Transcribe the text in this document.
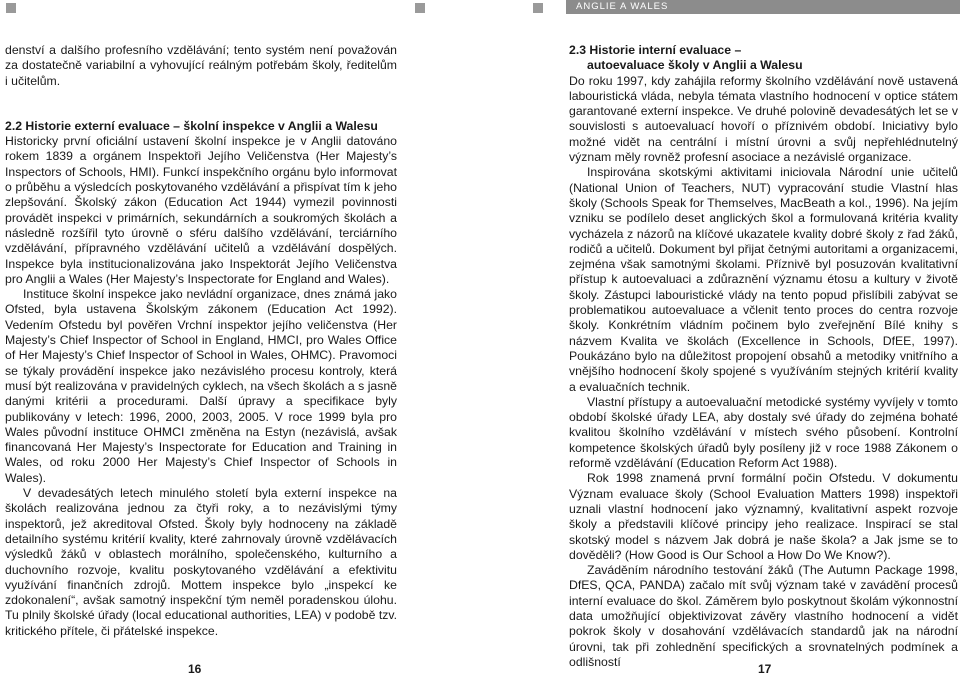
ANGLIE A WALES

denství a dalšího profesního vzdělávání; tento systém není považován za dostatečně variabilní a vyhovující reálným potřebám školy, ředitelům i učitelům.

2.2 Historie externí evaluace – školní inspekce v Anglii a Walesu

Historicky první oficiální ustavení školní inspekce je v Anglii datováno rokem 1839 a orgánem Inspektoři Jejího Veličenstva (Her Majesty’s Inspectors of Schools, HMI). Funkcí inspekčního orgánu bylo informovat o průběhu a výsledcích poskytovaného vzdělávání a přispívat tím k jeho zlepšování. Školský zákon (Education Act 1944) vymezil povinnosti provádět inspekci v primárních, sekundárních a soukromých školách a následně rozšířil tyto úrovně o sféru dalšího vzdělávání, terciárního vzdělávání, přípravného vzdělávání učitelů a vzdělávání dospělých. Inspekce byla institucionalizována jako Inspektorát Jejího Veličenstva pro Anglii a Wales (Her Majesty’s Inspectorate for England and Wales).

Instituce školní inspekce jako nevládní organizace, dnes známá jako Ofsted, byla ustavena Školským zákonem (Education Act 1992). Vedením Ofstedu byl pověřen Vrchní inspektor jejího veličenstva (Her Majesty’s Chief Inspector of School in England, HMCI, pro Wales Office of Her Majesty’s Chief Inspector of School in Wales, OHMC). Pravomoci se týkaly provádění inspekce jako nezávislého procesu kontroly, která musí být realizována v pravidelných cyklech, na všech školách a s jasně danými kritérii a procedurami. Další úpravy a specifikace byly publikovány v letech: 1996, 2000, 2003, 2005. V roce 1999 byla pro Wales původní instituce OHMCI změněna na Estyn (nezávislá, avšak financovaná Her Majesty’s Inspectorate for Education and Training in Wales, od roku 2000 Her Majesty’s Chief Inspector of Schools in Wales).

V devadesátých letech minulého století byla externí inspekce na školách realizována jednou za čtyři roky, a to nezávislými týmy inspektorů, jež akreditoval Ofsted. Školy byly hodnoceny na základě detailního systému kritérií kvality, které zahrnovaly úrovně vzdělávacích výsledků žáků v oblastech morálního, společenského, kulturního a duchovního rozvoje, kvalitu poskytovaného vzdělávání a efektivitu využívání finančních zdrojů. Mottem inspekce bylo „inspekcí ke zdokonalení“, avšak samotný inspekční tým neměl poradenskou úlohu. Tu plnily školské úřady (local educational authorities, LEA) v podobě tzv. kritického přítele, či přátelské inspekce.

2.3 Historie interní evaluace –
autoevaluace školy v Anglii a Walesu

Do roku 1997, kdy zahájila reformy školního vzdělávání nově ustavená labouristická vláda, nebyla témata vlastního hodnocení v optice státem garantované externí inspekce. Ve druhé polovině devadesátých let se v souvislosti s autoevaluací hovoří o příznivém období. Iniciativy bylo možné vidět na centrální i místní úrovni a svůj nepřehlédnutelný význam měly rovněž profesní asociace a nezávislé organizace.

Inspirována skotskými aktivitami iniciovala Národní unie učitelů (National Union of Teachers, NUT) vypracování studie Vlastní hlas školy (Schools Speak for Themselves, MacBeath a kol., 1996). Na jejím vzniku se podílelo deset anglických škol a formulovaná kritéria kvality vycházela z názorů na klíčové ukazatele kvality dobré školy z řad žáků, rodičů a učitelů. Dokument byl přijat četnými autoritami a organizacemi, zejména však samotnými školami. Příznivě byl posuzován kvalitativní přístup k autoevaluaci a zdůraznění významu étosu a kultury v životě školy. Zástupci labouristické vlády na tento popud přislíbili zabývat se problematikou autoevaluace a včlenit tento proces do centra rozvoje školy. Konkrétním vládním počinem bylo zveřejnění Bílé knihy s názvem Kvalita ve školách (Excellence in Schools, DfEE, 1997). Poukázáno bylo na důležitost propojení obsahů a metodiky vnitřního a vnějšího hodnocení školy spojené s využíváním stejných kritérií kvality a evaluačních technik.

Vlastní přístupy a autoevaluační metodické systémy vyvíjely v tomto období školské úřady LEA, aby dostaly své úřady do zejména bohaté kvalitou školního vzdělávání v místech svého působení. Kontrolní kompetence školských úřadů byly posíleny již v roce 1988 Zákonem o reformě vzdělávání (Education Reform Act 1988).

Rok 1998 znamená první formální počin Ofstedu. V dokumentu Význam evaluace školy (School Evaluation Matters 1998) inspektoři uznali vlastní hodnocení jako významný, kvalitativní aspekt rozvoje školy a představili klíčové principy jeho realizace. Inspirací se stal skotský model s názvem Jak dobrá je naše škola? a Jak jsme se to dověděli? (How Good is Our School a How Do We Know?).

Zaváděním národního testování žáků (The Autumn Package 1998, DfES, QCA, PANDA) začalo mít svůj význam také v zavádění procesů interní evaluace do škol. Záměrem bylo poskytnout školám výkonnostní data umožňující objektivizovat závěry vlastního hodnocení a vidět pokrok školy v dosahování vzdělávacích standardů jak na národní úrovni, tak při zohlednění specifických a srovnatelných podmínek a odlišností

16	17
